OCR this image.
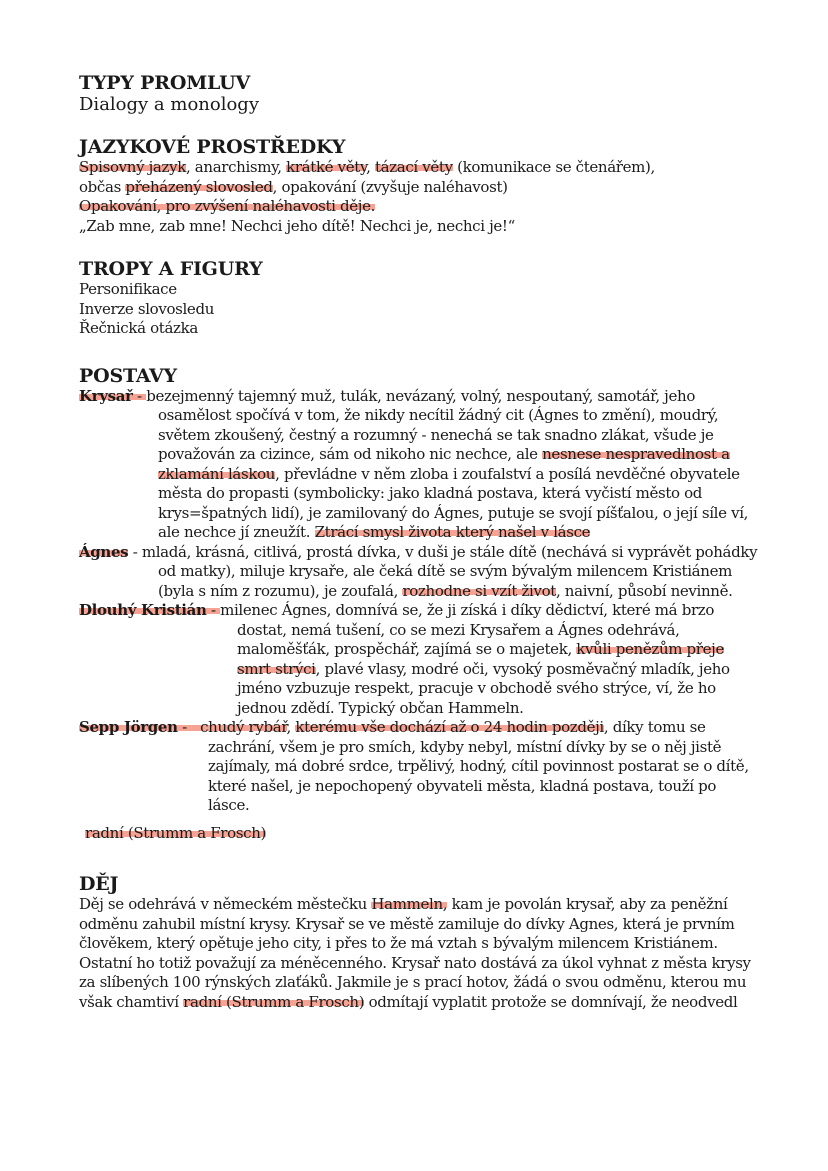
TYPY PROMLUV
Dialogy a monology
JAZYKOVÉ PROSTŘEDKY
Spisovný jazyk, anarchismy, krátké věty, tázací věty (komunikace se čtenářem),
občas přeházený slovosled, opakování (zvyšuje naléhavost)
Opakování, pro zvýšení naléhavosti děje.
„Zab mne, zab mne! Nechci jeho dítě! Nechci je, nechci je!“
TROPY A FIGURY
Personifikace
Inverze slovosledu
Řečnická otázka
POSTAVY
Krysař - bezejmenný tajemný muž, tulák, nevázaný, volný, nespoutaný, samotář, jeho osamělost spočívá v tom, že nikdy necítil žádný cit (Ágnes to změní), moudrý, světem zkoušený, čestný a rozumný - nenechá se tak snadno zlákat, všude je považován za cizince, sám od nikoho nic nechce, ale nesnese nespravedlnost a zklamání láskou, převládne v něm zloba i zoufalství a posílá nevděčné obyvatele města do propasti (symbolicky: jako kladná postava, která vyčistí město od krys=špatných lidí), je zamilovaný do Ágnes, putuje se svojí píšťalou, o její síle ví, ale nechce jí zneužít. Ztrácí smysl života který našel v lásce
Ágnes - mladá, krásná, citlivá, prostá dívka, v duši je stále dítě (nechává si vyprávět pohádky od matky), miluje krysaře, ale čeká dítě se svým bývalým milencem Kristiánem (byla s ním z rozumu), je zoufalá, rozhodne si vzít život, naivní, působí nevinně.
Dlouhý Kristián - milenec Ágnes, domnívá se, že ji získá i díky dědictví, které má brzo dostat, nemá tušení, co se mezi Krysařem a Ágnes odehrává, maloměšťák, prospěchář, zajímá se o majetek, kvůli penězům přeje smrt strýci, plavé vlasy, modré oči, vysoký posměvačný mladík, jeho jméno vzbuzuje respekt, pracuje v obchodě svého strýce, ví, že ho jednou zdědí. Typický občan Hammeln.
Sepp Jörgen -   chudý rybář, kterému vše dochází až o 24 hodin později, díky tomu se zachrání, všem je pro smích, kdyby nebyl, místní dívky by se o něj jistě zajímaly, má dobré srdce, trpělivý, hodný, cítil povinnost postarat se o dítě, které našel, je nepochopený obyvateli města, kladná postava, touží po lásce.
radní (Strumm a Frosch)
DĚJ
Děj se odehrává v německém městečku Hammeln, kam je povolán krysař, aby za peněžní odměnu zahubil místní krysy. Krysař se ve městě zamiluje do dívky Agnes, která je prvním člověkem, který opětuje jeho city, i přes to že má vztah s bývalým milencem Kristiánem. Ostatní ho totiž považují za méněcenného. Krysař nato dostává za úkol vyhnat z města krysy za slíbených 100 rýnských zlaťáků. Jakmile je s prací hotov, žádá o svou odměnu, kterou mu však chamtiví radní (Strumm a Frosch) odmítají vyplatit protože se domnívají, že neodvedl
